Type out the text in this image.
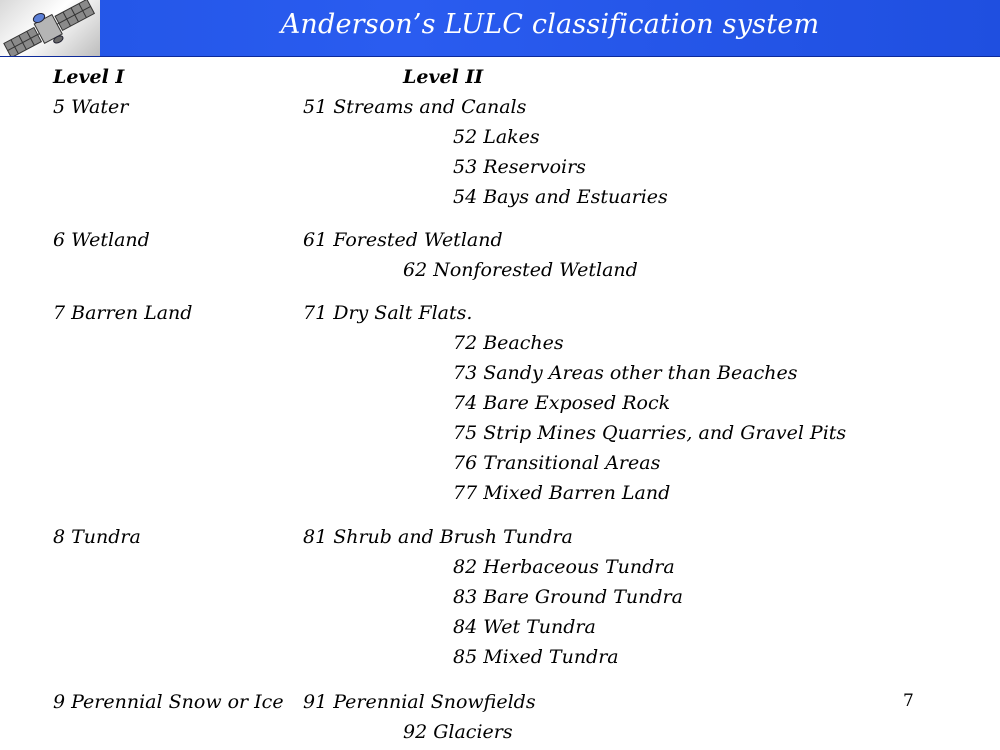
Anderson’s LULC classification system
Level I	Level II
5 Water	51 Streams and Canals
52 Lakes
53 Reservoirs
54 Bays and Estuaries
6 Wetland	61 Forested Wetland
62 Nonforested Wetland
7 Barren Land	71 Dry Salt Flats.
72 Beaches
73 Sandy Areas other than Beaches
74 Bare Exposed Rock
75 Strip Mines Quarries, and Gravel Pits
76 Transitional Areas
77 Mixed Barren Land
8 Tundra	81 Shrub and Brush Tundra
82 Herbaceous Tundra
83 Bare Ground Tundra
84 Wet Tundra
85 Mixed Tundra
9 Perennial Snow or Ice 91 Perennial Snowfields
92 Glaciers
7
